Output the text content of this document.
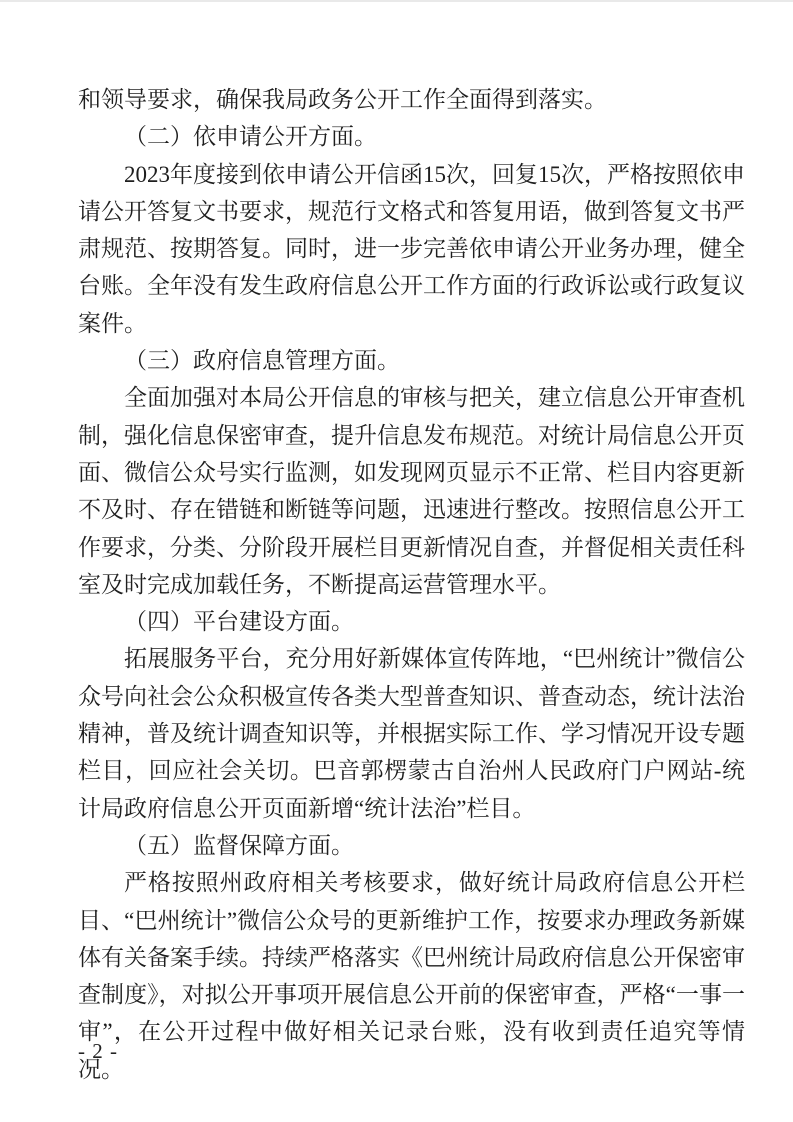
和领导要求，确保我局政务公开工作全面得到落实。

（二）依申请公开方面。

2023年度接到依申请公开信函15次，回复15次，严格按照依申请公开答复文书要求，规范行文格式和答复用语，做到答复文书严肃规范、按期答复。同时，进一步完善依申请公开业务办理，健全台账。全年没有发生政府信息公开工作方面的行政诉讼或行政复议案件。

（三）政府信息管理方面。

全面加强对本局公开信息的审核与把关，建立信息公开审查机制，强化信息保密审查，提升信息发布规范。对统计局信息公开页面、微信公众号实行监测，如发现网页显示不正常、栏目内容更新不及时、存在错链和断链等问题，迅速进行整改。按照信息公开工作要求，分类、分阶段开展栏目更新情况自查，并督促相关责任科室及时完成加载任务，不断提高运营管理水平。

（四）平台建设方面。

拓展服务平台，充分用好新媒体宣传阵地，“巴州统计”微信公众号向社会公众积极宣传各类大型普查知识、普查动态，统计法治精神，普及统计调查知识等，并根据实际工作、学习情况开设专题栏目，回应社会关切。巴音郭楞蒙古自治州人民政府门户网站-统计局政府信息公开页面新增“统计法治”栏目。

（五）监督保障方面。

严格按照州政府相关考核要求，做好统计局政府信息公开栏目、“巴州统计”微信公众号的更新维护工作，按要求办理政务新媒体有关备案手续。持续严格落实《巴州统计局政府信息公开保密审查制度》，对拟公开事项开展信息公开前的保密审查，严格“一事一审”，在公开过程中做好相关记录台账，没有收到责任追究等情况。

- 2 -
